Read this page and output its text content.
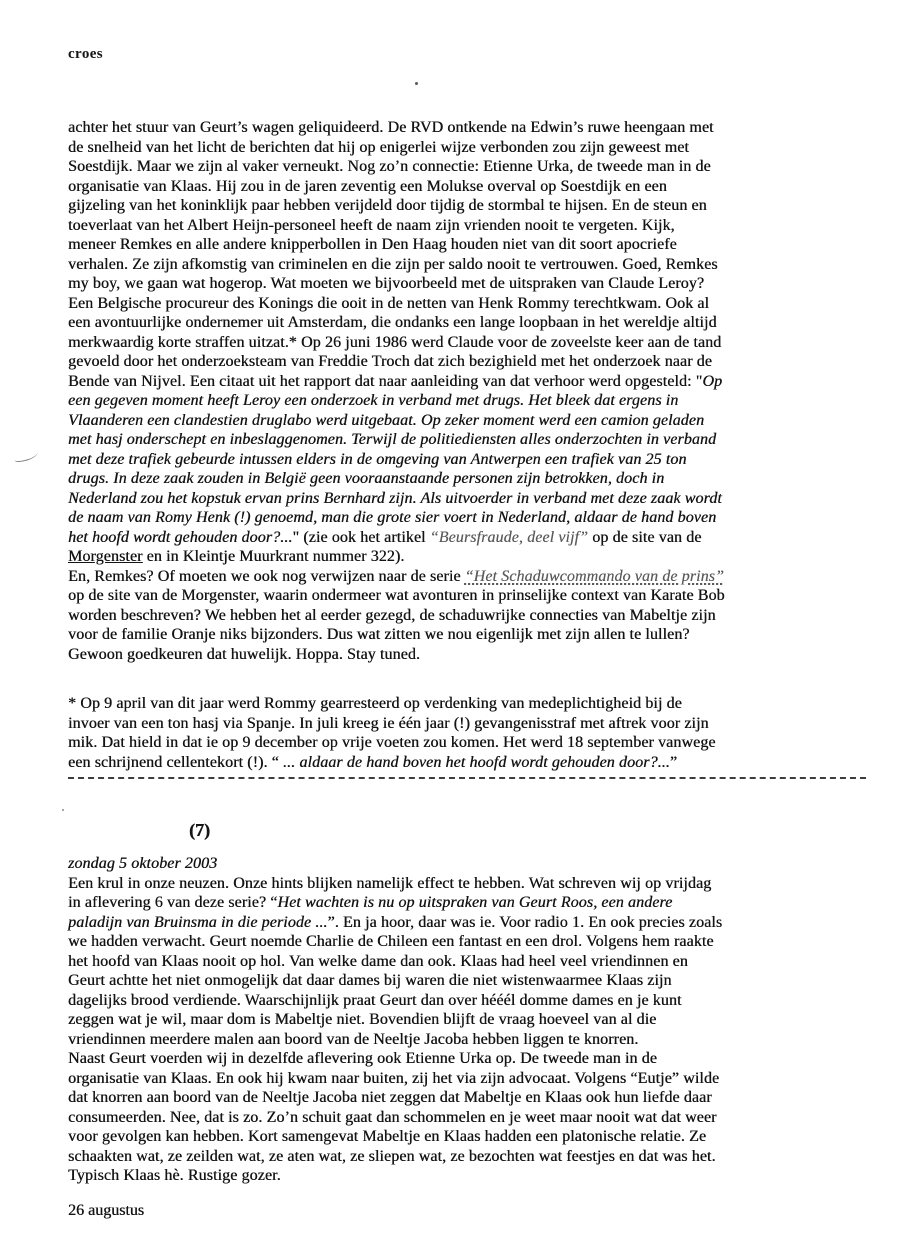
croes
achter het stuur van Geurt’s wagen geliquideerd. De RVD ontkende na Edwin’s ruwe heengaan met
de snelheid van het licht de berichten dat hij op enigerlei wijze verbonden zou zijn geweest met
Soestdijk. Maar we zijn al vaker verneukt. Nog zo’n connectie: Etienne Urka, de tweede man in de
organisatie van Klaas. Hij zou in de jaren zeventig een Molukse overval op Soestdijk en een
gijzeling van het koninklijk paar hebben verijdeld door tijdig de stormbal te hijsen. En de steun en
toeverlaat van het Albert Heijn-personeel heeft de naam zijn vrienden nooit te vergeten. Kijk,
meneer Remkes en alle andere knipperbollen in Den Haag houden niet van dit soort apocriefe
verhalen. Ze zijn afkomstig van criminelen en die zijn per saldo nooit te vertrouwen. Goed, Remkes
my boy, we gaan wat hogerop. Wat moeten we bijvoorbeeld met de uitspraken van Claude Leroy?
Een Belgische procureur des Konings die ooit in de netten van Henk Rommy terechtkwam. Ook al
een avontuurlijke ondernemer uit Amsterdam, die ondanks een lange loopbaan in het wereldje altijd
merkwaardig korte straffen uitzat.* Op 26 juni 1986 werd Claude voor de zoveelste keer aan de tand
gevoeld door het onderzoeksteam van Freddie Troch dat zich bezighield met het onderzoek naar de
Bende van Nijvel. Een citaat uit het rapport dat naar aanleiding van dat verhoor werd opgesteld: "Op
een gegeven moment heeft Leroy een onderzoek in verband met drugs. Het bleek dat ergens in
Vlaanderen een clandestien druglabo werd uitgebaat. Op zeker moment werd een camion geladen
met hasj onderschept en inbeslaggenomen. Terwijl de politiediensten alles onderzochten in verband
met deze trafiek gebeurde intussen elders in de omgeving van Antwerpen een trafiek van 25 ton
drugs. In deze zaak zouden in België geen vooraanstaande personen zijn betrokken, doch in
Nederland zou het kopstuk ervan prins Bernhard zijn. Als uitvoerder in verband met deze zaak wordt
de naam van Romy Henk (!) genoemd, man die grote sier voert in Nederland, aldaar de hand boven
het hoofd wordt gehouden door?..." (zie ook het artikel “Beursfraude, deel vijf” op de site van de
Morgenster en in Kleintje Muurkrant nummer 322).
En, Remkes? Of moeten we ook nog verwijzen naar de serie “Het Schaduwcommando van de prins”
op de site van de Morgenster, waarin ondermeer wat avonturen in prinselijke context van Karate Bob
worden beschreven? We hebben het al eerder gezegd, de schaduwrijke connecties van Mabeltje zijn
voor de familie Oranje niks bijzonders. Dus wat zitten we nou eigenlijk met zijn allen te lullen?
Gewoon goedkeuren dat huwelijk. Hoppa. Stay tuned.
* Op 9 april van dit jaar werd Rommy gearresteerd op verdenking van medeplichtigheid bij de
invoer van een ton hasj via Spanje. In juli kreeg ie één jaar (!) gevangenisstraf met aftrek voor zijn
mik. Dat hield in dat ie op 9 december op vrije voeten zou komen. Het werd 18 september vanwege
een schrijnend cellentekort (!). “ ... aldaar de hand boven het hoofd wordt gehouden door?...”
(7)
zondag 5 oktober 2003
Een krul in onze neuzen. Onze hints blijken namelijk effect te hebben. Wat schreven wij op vrijdag
in aflevering 6 van deze serie? “Het wachten is nu op uitspraken van Geurt Roos, een andere
paladijn van Bruinsma in die periode ...”. En ja hoor, daar was ie. Voor radio 1. En ook precies zoals
we hadden verwacht. Geurt noemde Charlie de Chileen een fantast en een drol. Volgens hem raakte
het hoofd van Klaas nooit op hol. Van welke dame dan ook. Klaas had heel veel vriendinnen en
Geurt achtte het niet onmogelijk dat daar dames bij waren die niet wistenwaarmee Klaas zijn
dagelijks brood verdiende. Waarschijnlijk praat Geurt dan over hééél domme dames en je kunt
zeggen wat je wil, maar dom is Mabeltje niet. Bovendien blijft de vraag hoeveel van al die
vriendinnen meerdere malen aan boord van de Neeltje Jacoba hebben liggen te knorren.
Naast Geurt voerden wij in dezelfde aflevering ook Etienne Urka op. De tweede man in de
organisatie van Klaas. En ook hij kwam naar buiten, zij het via zijn advocaat. Volgens “Eutje” wilde
dat knorren aan boord van de Neeltje Jacoba niet zeggen dat Mabeltje en Klaas ook hun liefde daar
consumeerden. Nee, dat is zo. Zo’n schuit gaat dan schommelen en je weet maar nooit wat dat weer
voor gevolgen kan hebben. Kort samengevat Mabeltje en Klaas hadden een platonische relatie. Ze
schaakten wat, ze zeilden wat, ze aten wat, ze sliepen wat, ze bezochten wat feestjes en dat was het.
Typisch Klaas hè. Rustige gozer.
26 augustus
